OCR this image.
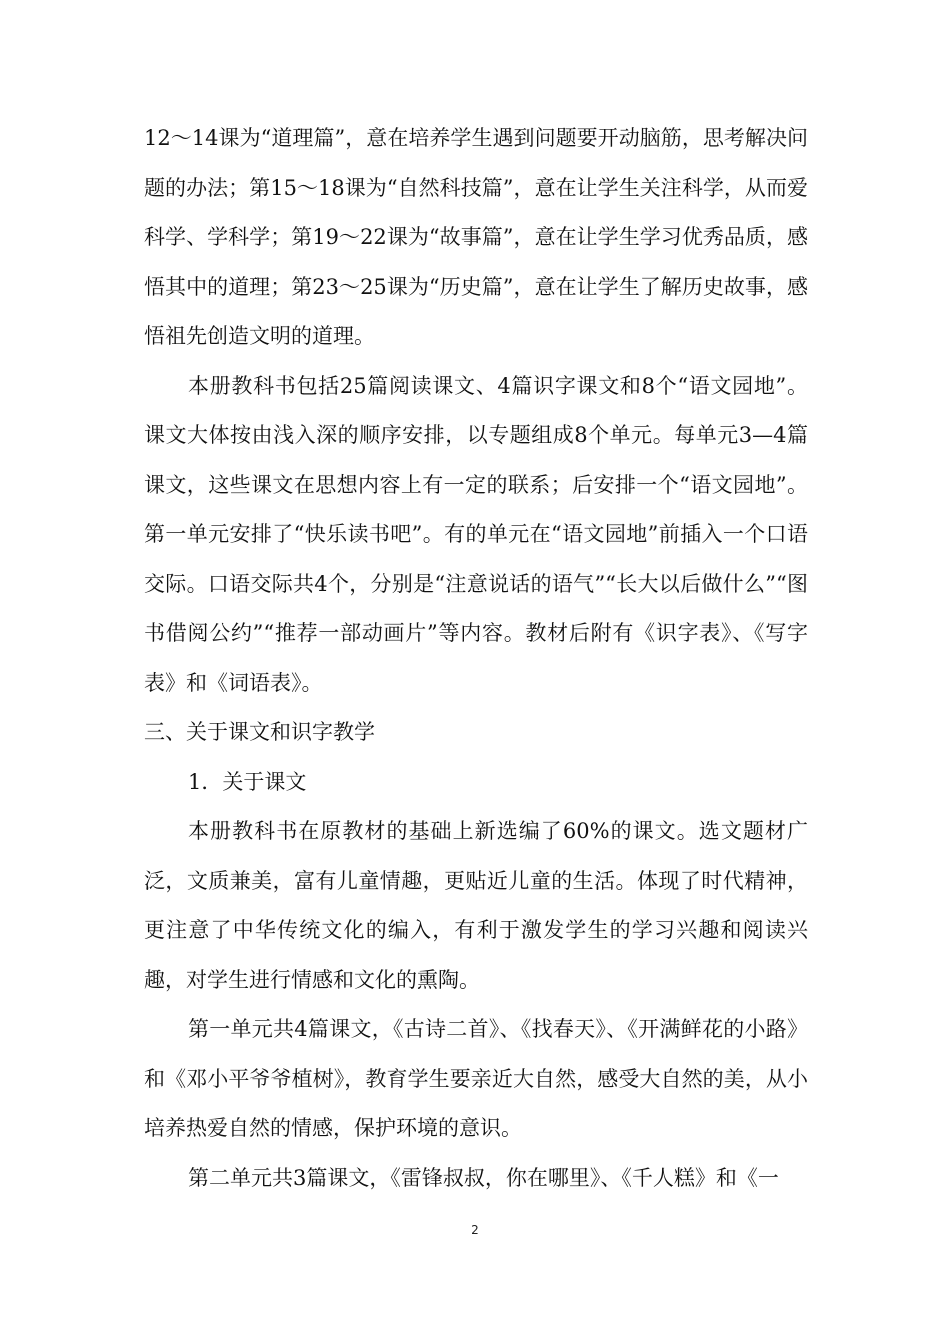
12～14课为“道理篇”，意在培养学生遇到问题要开动脑筋，思考解决问题的办法；第15～18课为“自然科技篇”，意在让学生关注科学，从而爱科学、学科学；第19～22课为“故事篇”，意在让学生学习优秀品质，感悟其中的道理；第23～25课为“历史篇”，意在让学生了解历史故事，感悟祖先创造文明的道理。

本册教科书包括25篇阅读课文、4篇识字课文和8个“语文园地”。课文大体按由浅入深的顺序安排，以专题组成8个单元。每单元3—4篇课文，这些课文在思想内容上有一定的联系；后安排一个“语文园地”。第一单元安排了“快乐读书吧”。有的单元在“语文园地”前插入一个口语交际。口语交际共4个，分别是“注意说话的语气”“长大以后做什么”“图书借阅公约”“推荐一部动画片”等内容。教材后附有《识字表》、《写字表》和《词语表》。

三、关于课文和识字教学

1．关于课文

本册教科书在原教材的基础上新选编了60%的课文。选文题材广泛，文质兼美，富有儿童情趣，更贴近儿童的生活。体现了时代精神，更注意了中华传统文化的编入，有利于激发学生的学习兴趣和阅读兴趣，对学生进行情感和文化的熏陶。

第一单元共4篇课文，《古诗二首》、《找春天》、《开满鲜花的小路》和《邓小平爷爷植树》，教育学生要亲近大自然，感受大自然的美，从小培养热爱自然的情感，保护环境的意识。

第二单元共3篇课文，《雷锋叔叔，你在哪里》、《千人糕》和《一

2
